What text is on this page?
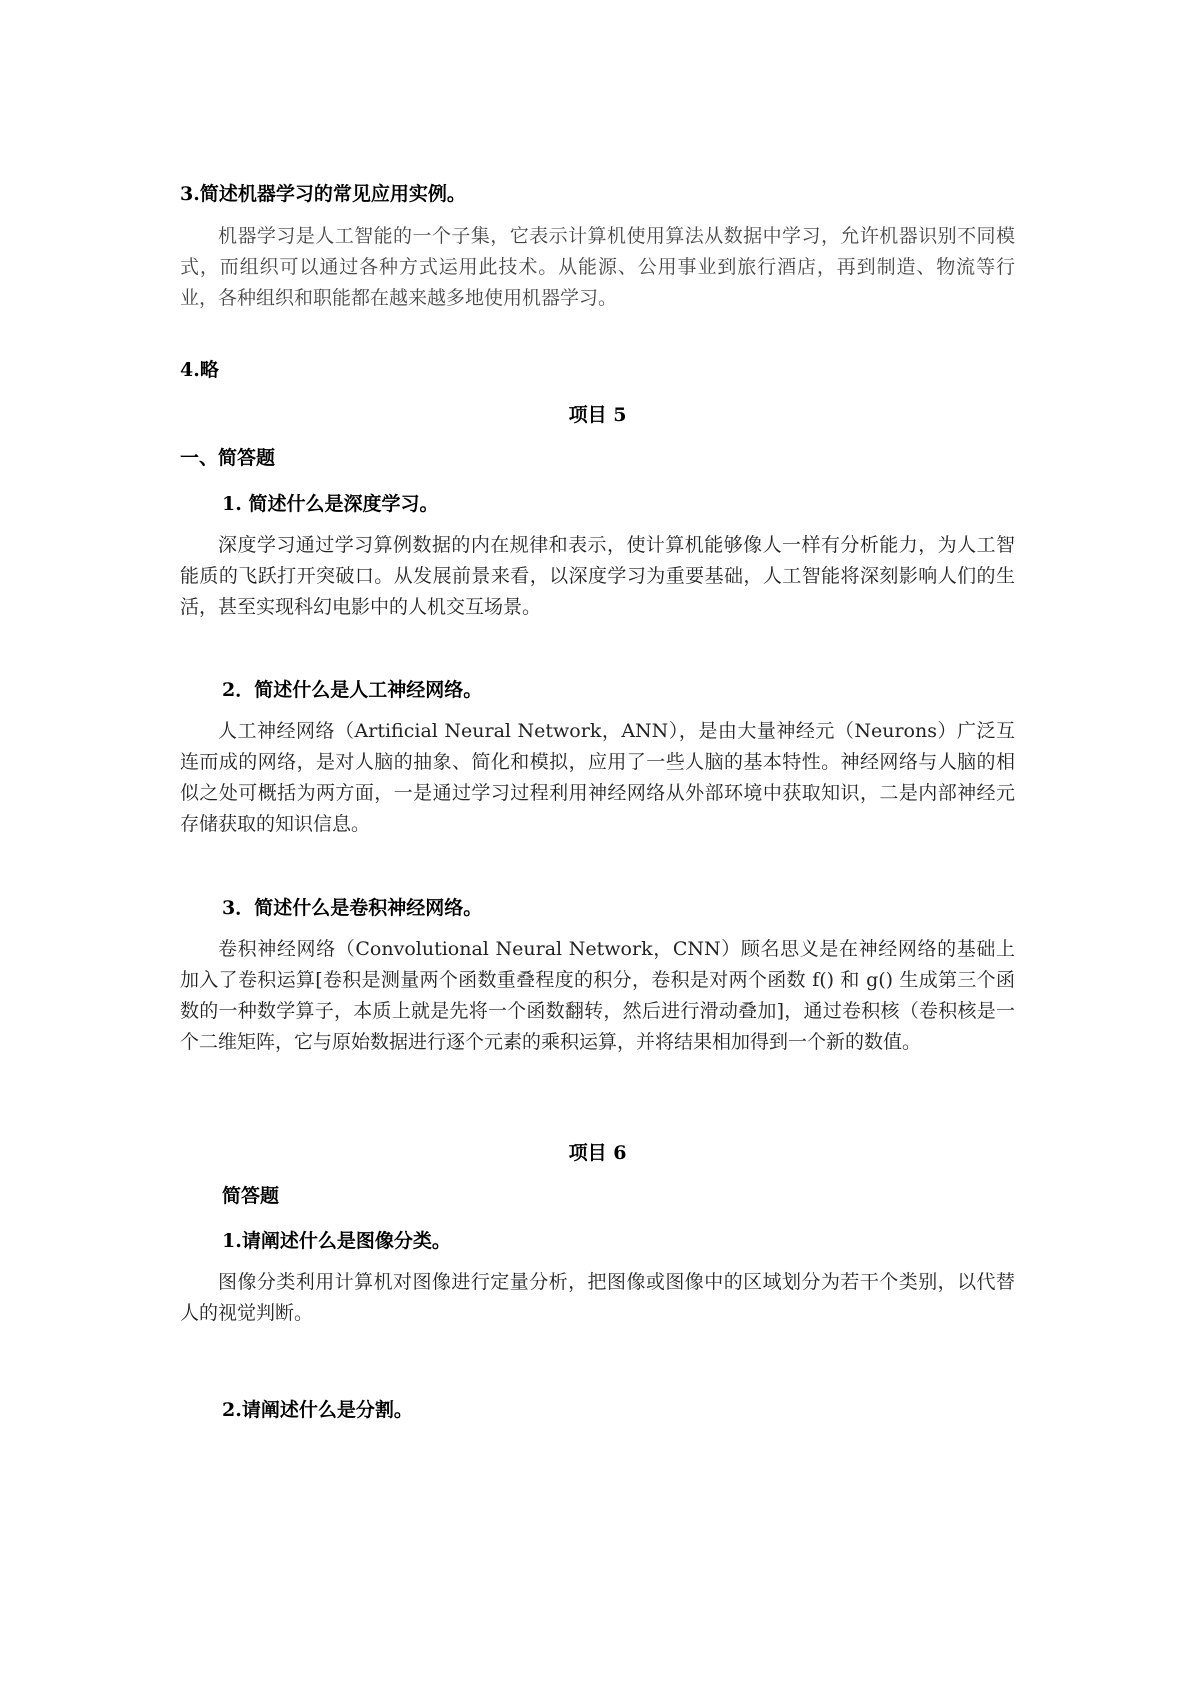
3.简述机器学习的常见应用实例。
机器学习是人工智能的一个子集，它表示计算机使用算法从数据中学习，允许机器识别不同模式，而组织可以通过各种方式运用此技术。从能源、公用事业到旅行酒店，再到制造、物流等行业，各种组织和职能都在越来越多地使用机器学习。
4.略
项目 5
一、简答题
1. 简述什么是深度学习。
深度学习通过学习算例数据的内在规律和表示，使计算机能够像人一样有分析能力，为人工智能质的飞跃打开突破口。从发展前景来看，以深度学习为重要基础，人工智能将深刻影响人们的生活，甚至实现科幻电影中的人机交互场景。
2．简述什么是人工神经网络。
人工神经网络（Artificial Neural Network，ANN），是由大量神经元（Neurons）广泛互连而成的网络，是对人脑的抽象、简化和模拟，应用了一些人脑的基本特性。神经网络与人脑的相似之处可概括为两方面，一是通过学习过程利用神经网络从外部环境中获取知识，二是内部神经元存储获取的知识信息。
3．简述什么是卷积神经网络。
卷积神经网络（Convolutional Neural Network，CNN）顾名思义是在神经网络的基础上加入了卷积运算[卷积是测量两个函数重叠程度的积分，卷积是对两个函数 f() 和 g() 生成第三个函数的一种数学算子，本质上就是先将一个函数翻转，然后进行滑动叠加]，通过卷积核（卷积核是一个二维矩阵，它与原始数据进行逐个元素的乘积运算，并将结果相加得到一个新的数值。
项目 6
简答题
1.请阐述什么是图像分类。
图像分类利用计算机对图像进行定量分析，把图像或图像中的区域划分为若干个类别，以代替人的视觉判断。
2.请阐述什么是分割。
